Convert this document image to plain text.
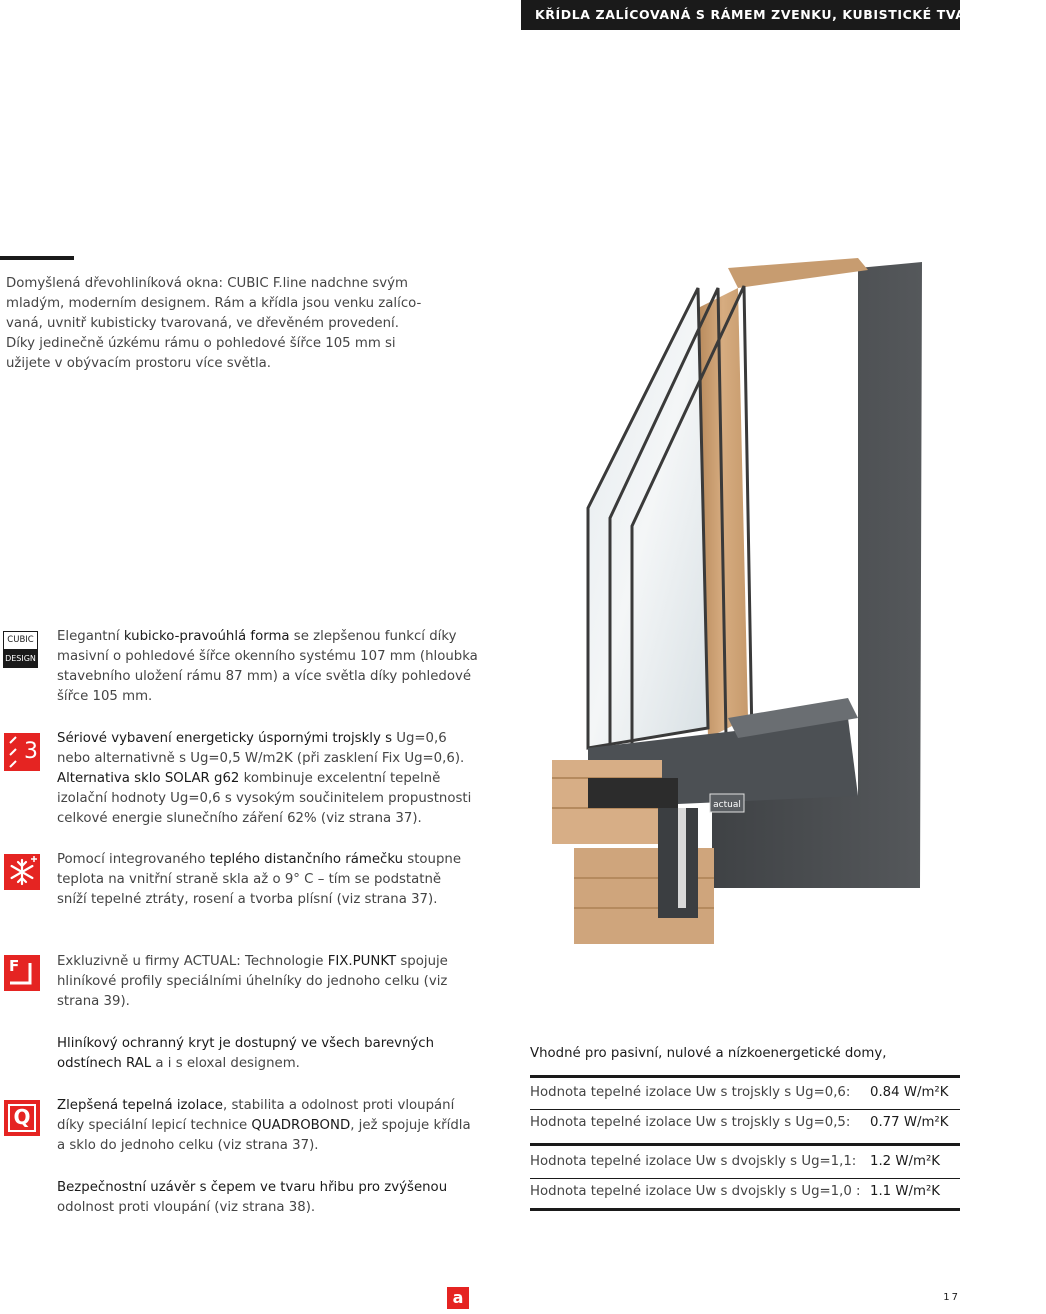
KŘÍDLA ZALÍCOVANÁ S RÁMEM ZVENKU, KUBISTICKÉ TVARY UVNITŘ
Domyšlená dřevohliníková okna: CUBIC F.line nadchne svým
mladým, moderním designem. Rám a křídla jsou venku zalíco-
vaná, uvnitř kubisticky tvarovaná, ve dřevěném provedení.
Díky jedinečně úzkému rámu o pohledové šířce 105 mm si
užijete v obývacím prostoru více světla.
actual
CUBIC
DESIGN
Elegantní kubicko-pravoúhlá forma se zlepšenou funkcí díky
masivní o pohledové šířce okenního systému 107 mm (hloubka
stavebního uložení rámu 87 mm) a více světla díky pohledové
šířce 105 mm.
3
Sériové vybavení energeticky úspornými trojskly s Ug=0,6
nebo alternativně s Ug=0,5 W/m2K (při zasklení Fix Ug=0,6).
Alternativa sklo SOLAR g62 kombinuje excelentní tepelně
izolační hodnoty Ug=0,6 s vysokým součinitelem propustnosti
celkové energie slunečního záření 62% (viz strana 37).
Pomocí integrovaného teplého distančního rámečku stoupne
teplota na vnitřní straně skla až o 9° C – tím se podstatně
sníží tepelné ztráty, rosení a tvorba plísní (viz strana 37).
F	Exkluzivně u firmy ACTUAL: Technologie FIX.PUNKT spojuje
hliníkové profily speciálními úhelníky do jednoho celku (viz
strana 39).
Hliníkový ochranný kryt je dostupný ve všech barevných
odstínech RAL a i s eloxal designem.
Q	Zlepšená tepelná izolace, stabilita a odolnost proti vloupání
díky speciální lepicí technice QUADROBOND, jež spojuje křídla
a sklo do jednoho celku (viz strana 37).
Bezpečnostní uzávěr s čepem ve tvaru hřibu pro zvýšenou
odolnost proti vloupání (viz strana 38).
Vhodné pro pasivní, nulové a nízkoenergetické domy,
Hodnota tepelné izolace Uw s trojskly s Ug=0,6: 0.84 W/m²K
Hodnota tepelné izolace Uw s trojskly s Ug=0,5: 0.77 W/m²K
Hodnota tepelné izolace Uw s dvojskly s Ug=1,1: 1.2 W/m²K
Hodnota tepelné izolace Uw s dvojskly s Ug=1,0 : 1.1 W/m²K
a	17
